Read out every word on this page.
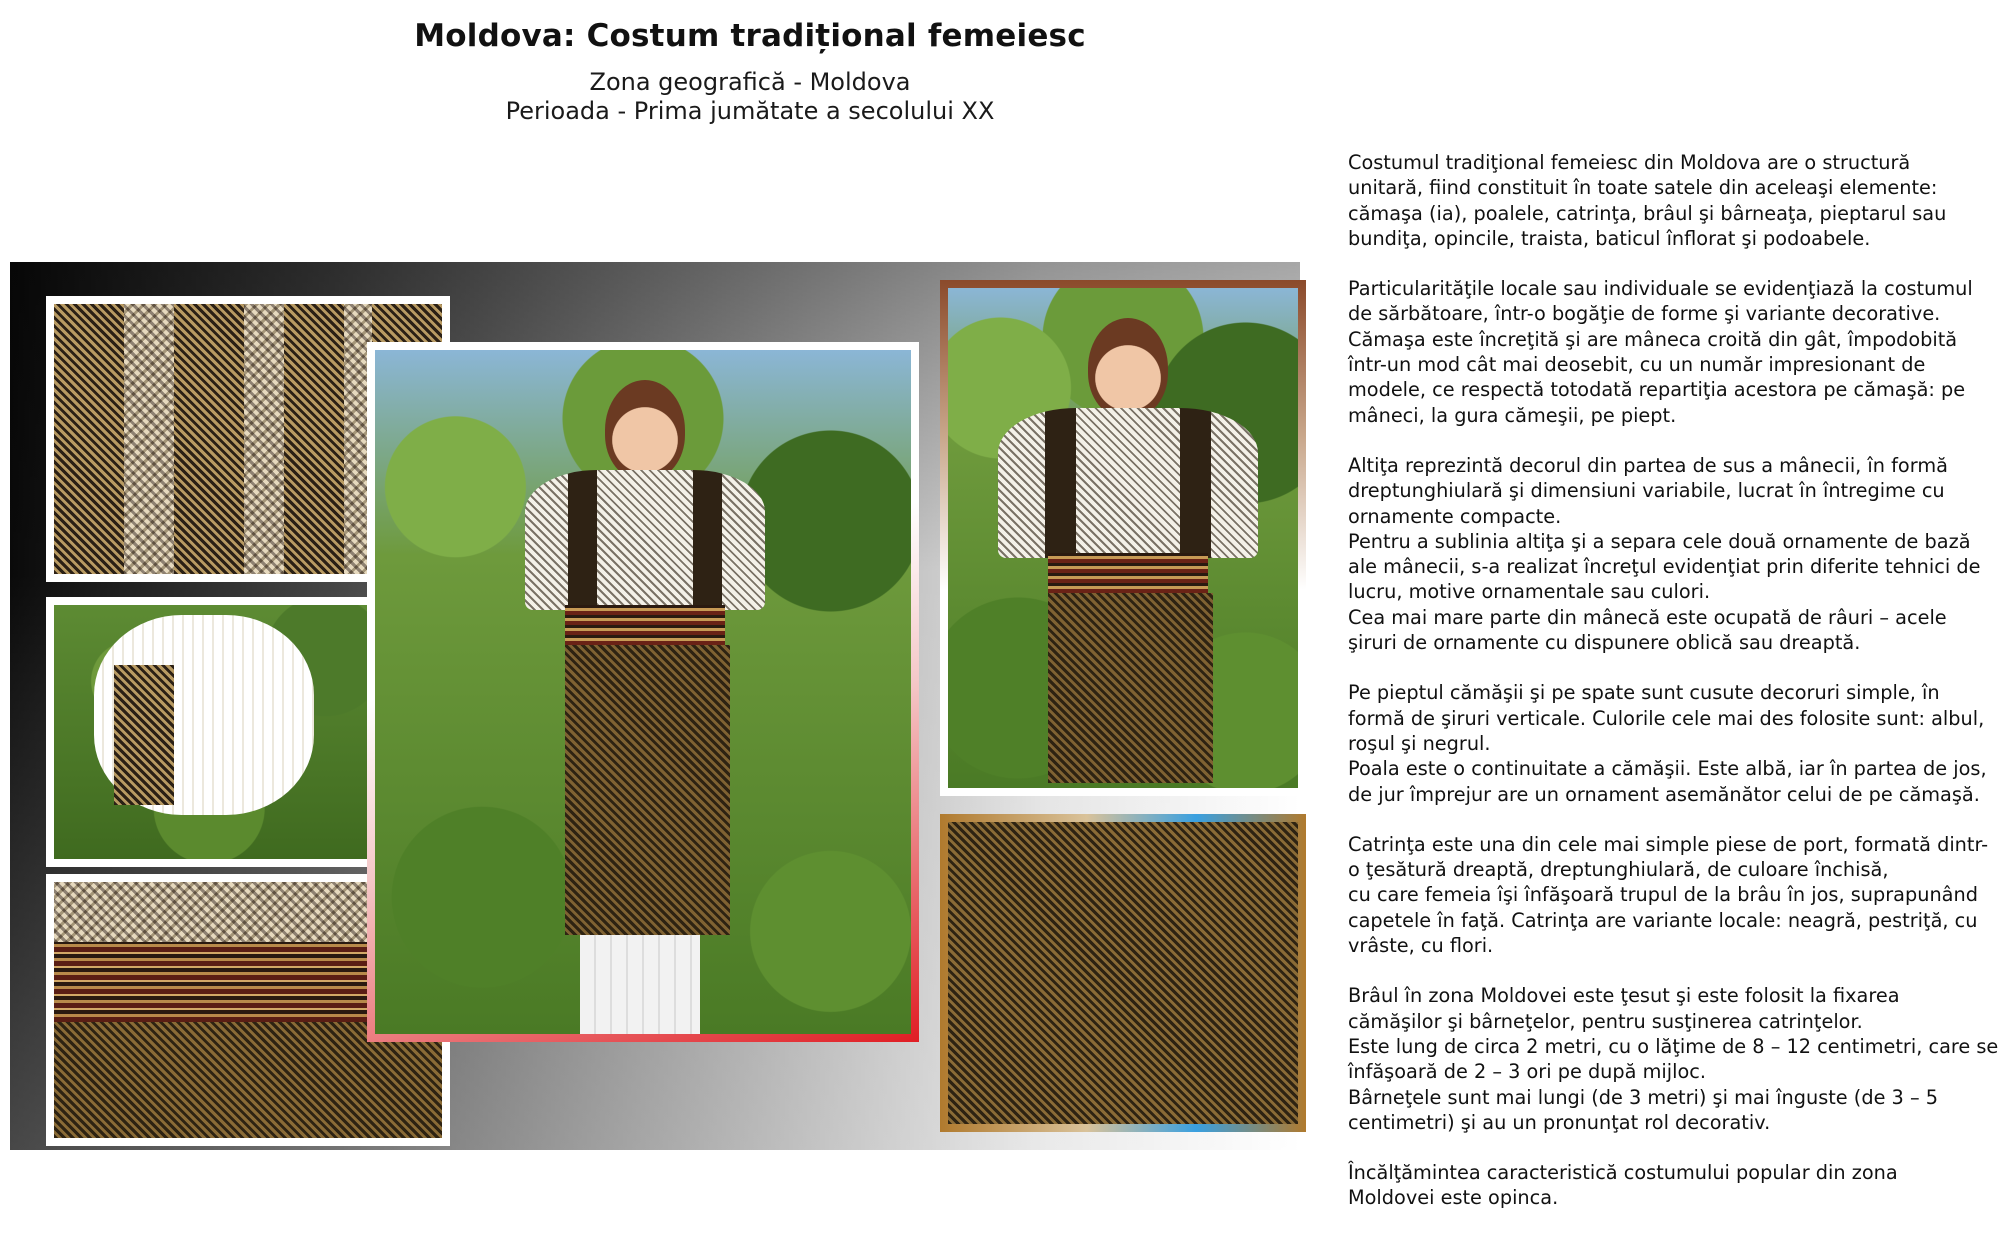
Moldova: Costum tradițional femeiesc

Zona geografică - Moldova

Perioada - Prima jumătate a secolului XX

Costumul tradiţional femeiesc din Moldova are o structură
unitară, fiind constituit în toate satele din aceleaşi elemente:
cămaşa (ia), poalele, catrinţa, brâul şi bârneaţa, pieptarul sau
bundiţa, opincile, traista, baticul înflorat şi podoabele.

Particularităţile locale sau individuale se evidenţiază la costumul
de sărbătoare, într-o bogăţie de forme şi variante decorative.
Cămaşa este încreţită şi are mâneca croită din gât, împodobită
într-un mod cât mai deosebit, cu un număr impresionant de
modele, ce respectă totodată repartiţia acestora pe cămaşă: pe
mâneci, la gura cămeşii, pe piept.

Altiţa reprezintă decorul din partea de sus a mânecii, în formă
dreptunghiulară şi dimensiuni variabile, lucrat în întregime cu
ornamente compacte.
Pentru a sublinia altiţa şi a separa cele două ornamente de bază
ale mânecii, s-a realizat încreţul evidenţiat prin diferite tehnici de
lucru, motive ornamentale sau culori.
Cea mai mare parte din mânecă este ocupată de râuri – acele
şiruri de ornamente cu dispunere oblică sau dreaptă.

Pe pieptul cămăşii şi pe spate sunt cusute decoruri simple, în
formă de şiruri verticale. Culorile cele mai des folosite sunt: albul,
roşul şi negrul.
Poala este o continuitate a cămăşii. Este albă, iar în partea de jos,
de jur împrejur are un ornament asemănător celui de pe cămaşă.

Catrinţa este una din cele mai simple piese de port, formată dintr-
o ţesătură dreaptă, dreptunghiulară, de culoare închisă,
cu care femeia îşi înfăşoară trupul de la brâu în jos, suprapunând
capetele în faţă. Catrinţa are variante locale: neagră, pestriţă, cu
vrâste, cu flori.

Brâul în zona Moldovei este ţesut şi este folosit la fixarea
cămăşilor şi bârneţelor, pentru susţinerea catrinţelor.
Este lung de circa 2 metri, cu o lăţime de 8 – 12 centimetri, care se
înfăşoară de 2 – 3 ori pe după mijloc.
Bârneţele sunt mai lungi (de 3 metri) şi mai înguste (de 3 – 5
centimetri) şi au un pronunţat rol decorativ.

Încălţămintea caracteristică costumului popular din zona
Moldovei este opinca.
